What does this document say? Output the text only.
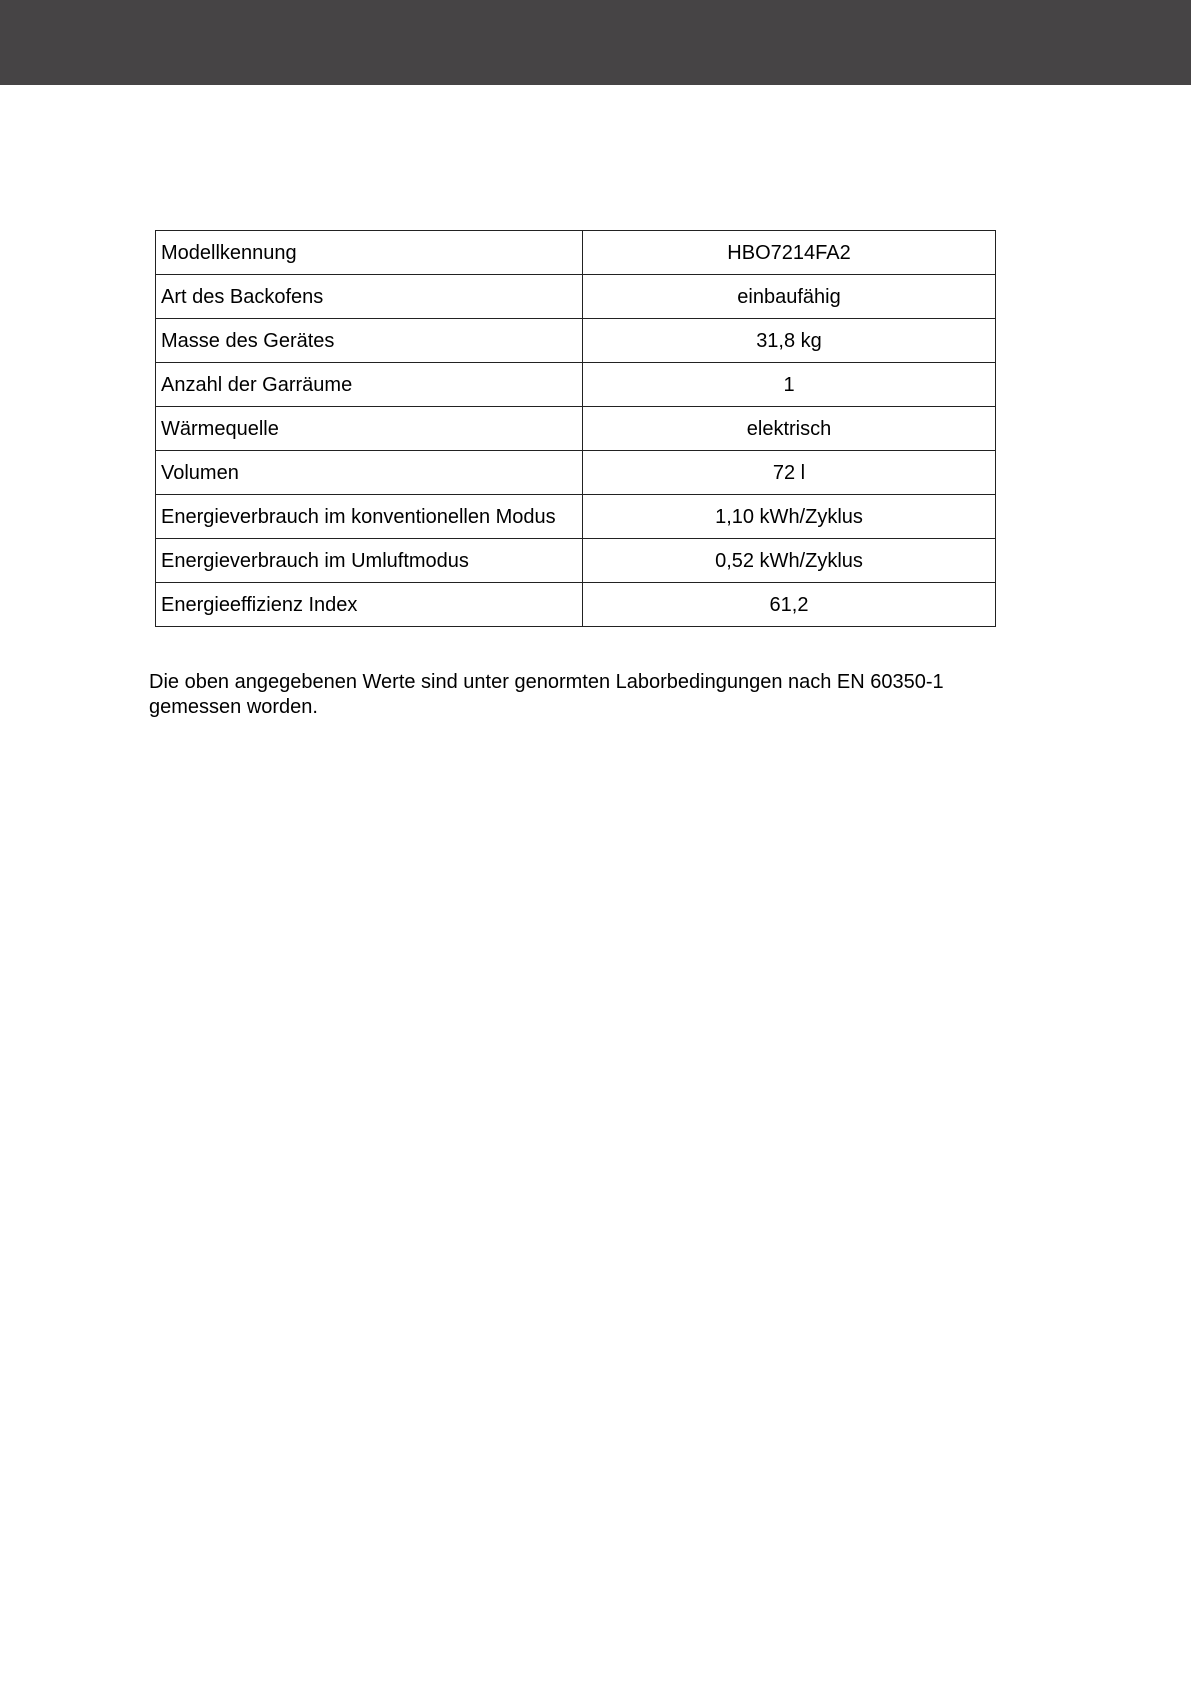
Modellkennung	HBO7214FA2
Art des Backofens	einbaufähig
Masse des Gerätes	31,8 kg
Anzahl der Garräume	1
Wärmequelle	elektrisch
Volumen	72 l
Energieverbrauch im konventionellen Modus	1,10 kWh/Zyklus
Energieverbrauch im Umluftmodus	0,52 kWh/Zyklus
Energieeffizienz Index	61,2

Die oben angegebenen Werte sind unter genormten Laborbedingungen nach EN 60350-1
gemessen worden.
